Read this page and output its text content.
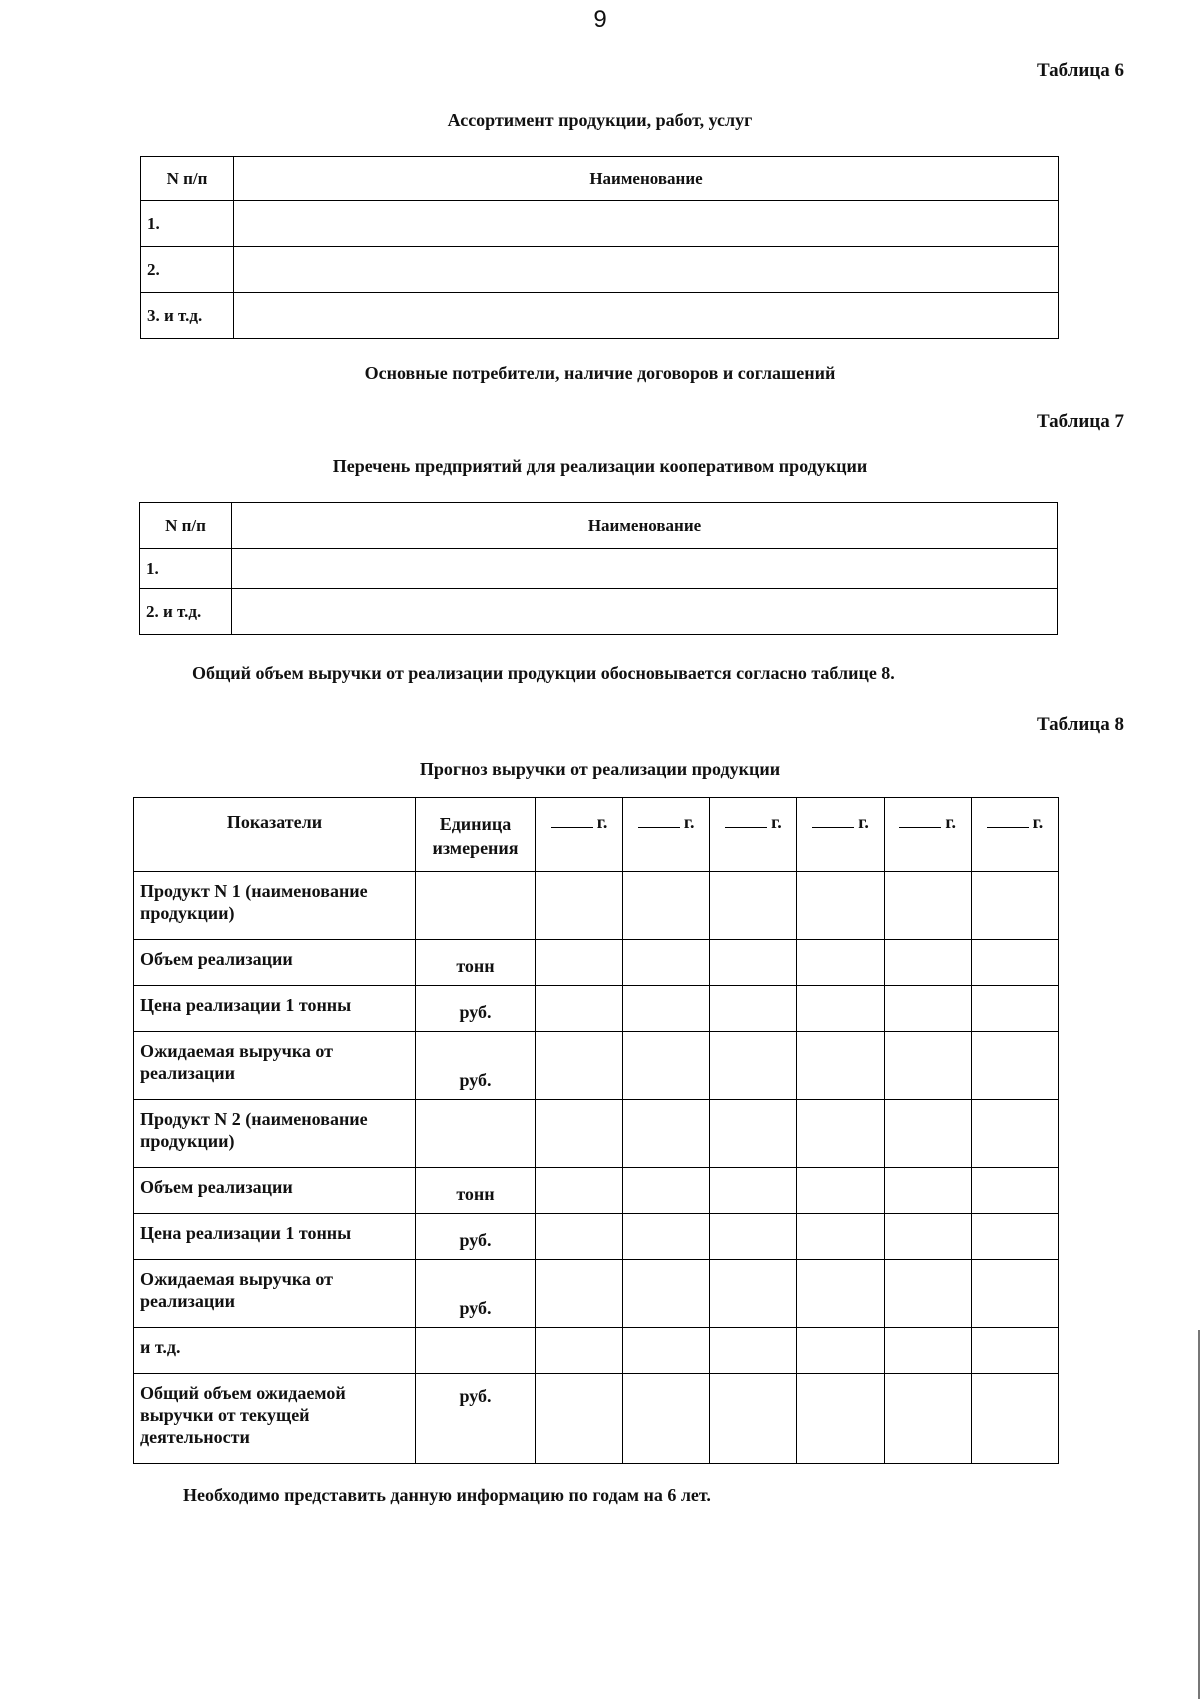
9
Таблица 6
Ассортимент продукции, работ, услуг
N п/п	Наименование
1.	
2.	
3. и т.д.	
Основные потребители, наличие договоров и соглашений
Таблица 7
Перечень предприятий для реализации кооперативом продукции
N п/п	Наименование
1.	
2. и т.д.	
Общий объем выручки от реализации продукции обосновывается согласно таблице 8.
Таблица 8
Прогноз выручки от реализации продукции
Показатели	Единица измерения	г.	г.	г.	г.	г.	г.
Продукт N 1 (наименование продукции)							
Объем реализации	тонн						
Цена реализации 1 тонны	руб.						
Ожидаемая выручка от реализации	руб.						
Продукт N 2 (наименование продукции)							
Объем реализации	тонн						
Цена реализации 1 тонны	руб.						
Ожидаемая выручка от реализации	руб.						
и т.д.							
Общий объем ожидаемой выручки от текущей деятельности	руб.						
Необходимо представить данную информацию по годам на 6 лет.
